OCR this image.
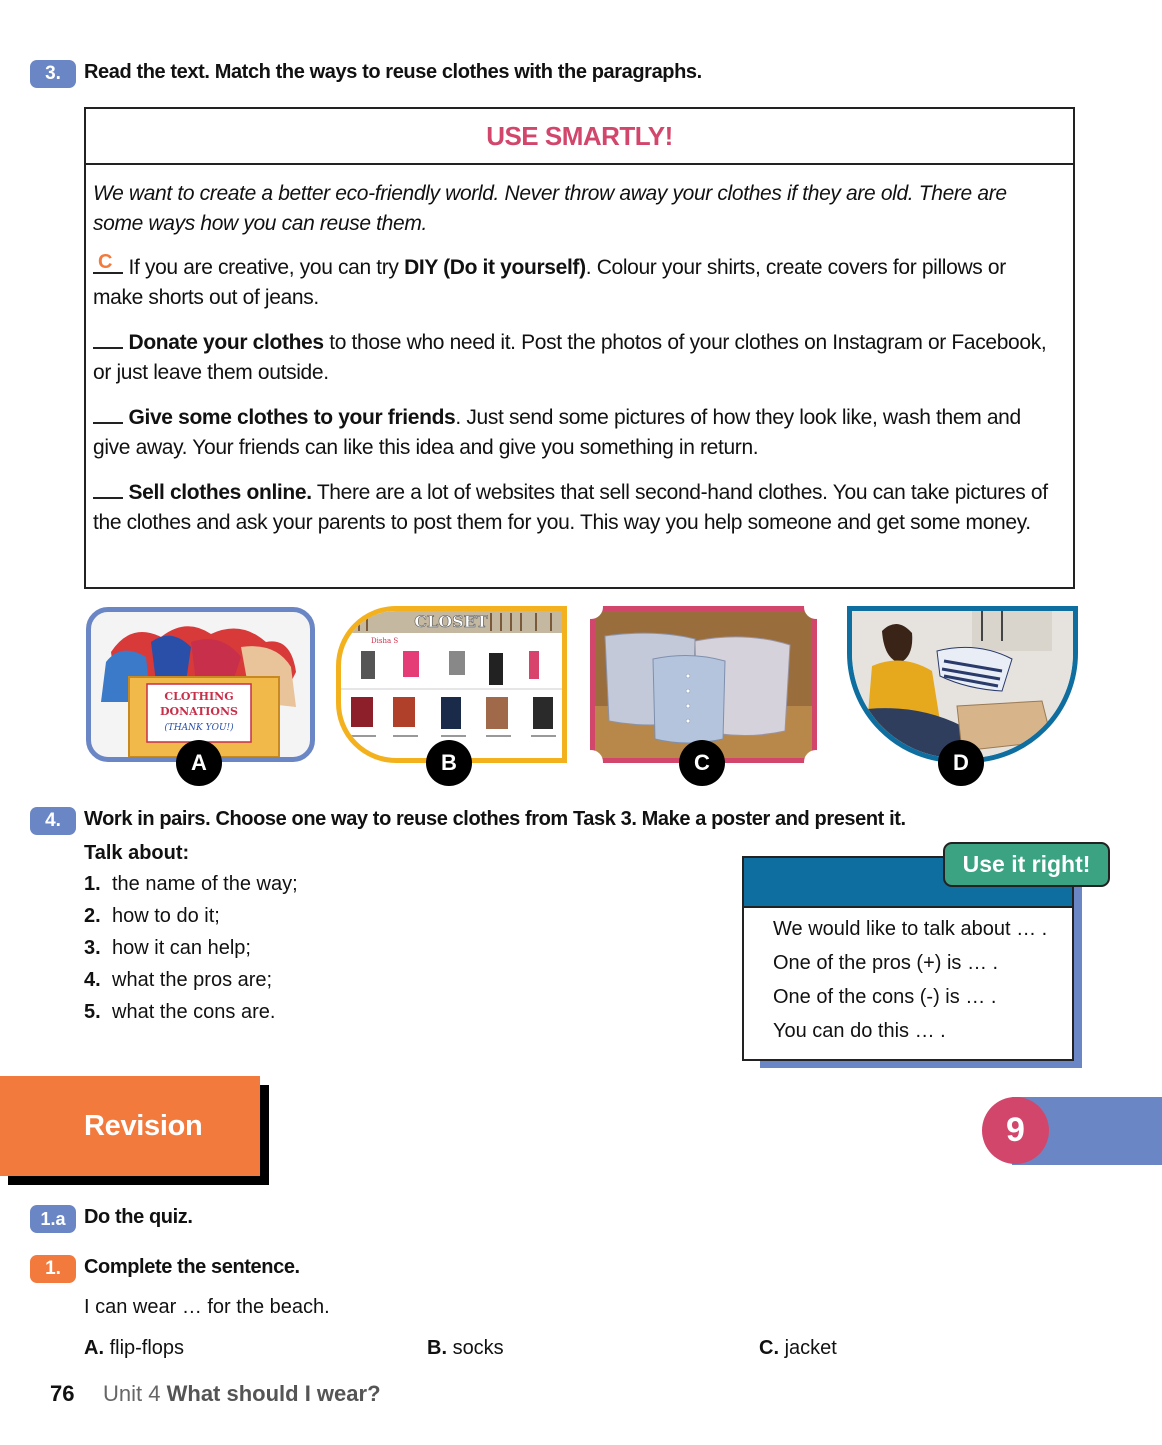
3.	Read the text. Match the ways to reuse clothes with the paragraphs.
USE SMARTLY!

We want to create a better eco-friendly world. Never throw away your clothes if they are old. There are some ways how you can reuse them.

C If you are creative, you can try DIY (Do it yourself). Colour your shirts, create covers for pillows or make shorts out of jeans.

Donate your clothes to those who need it. Post the photos of your clothes on Instagram or Facebook, or just leave them outside.

Give some clothes to your friends. Just send some pictures of how they look like, wash them and give away. Your friends can like this idea and give you something in return.

Sell clothes online. There are a lot of websites that sell second-hand clothes. You can take pictures of the clothes and ask your parents to post them for you. This way you help someone and get some money.

CLOTHING
DONATIONS
(THANK YOU!)
A
CLOSET
Disha S
B	C	D
4.	Work in pairs. Choose one way to reuse clothes from Task 3. Make a poster and present it.
Talk about:
1. the name of the way;
2. how to do it;
3. how it can help;
4. what the pros are;
5. what the cons are.
We would like to talk about … .
One of the pros (+) is … .
One of the cons (-) is … .
You can do this … .
Use it right!
Revision	9
1.a Do the quiz.
1.	Complete the sentence.
I can wear … for the beach.
A. flip-flops	B. socks	C. jacket
76 Unit 4 What should I wear?
